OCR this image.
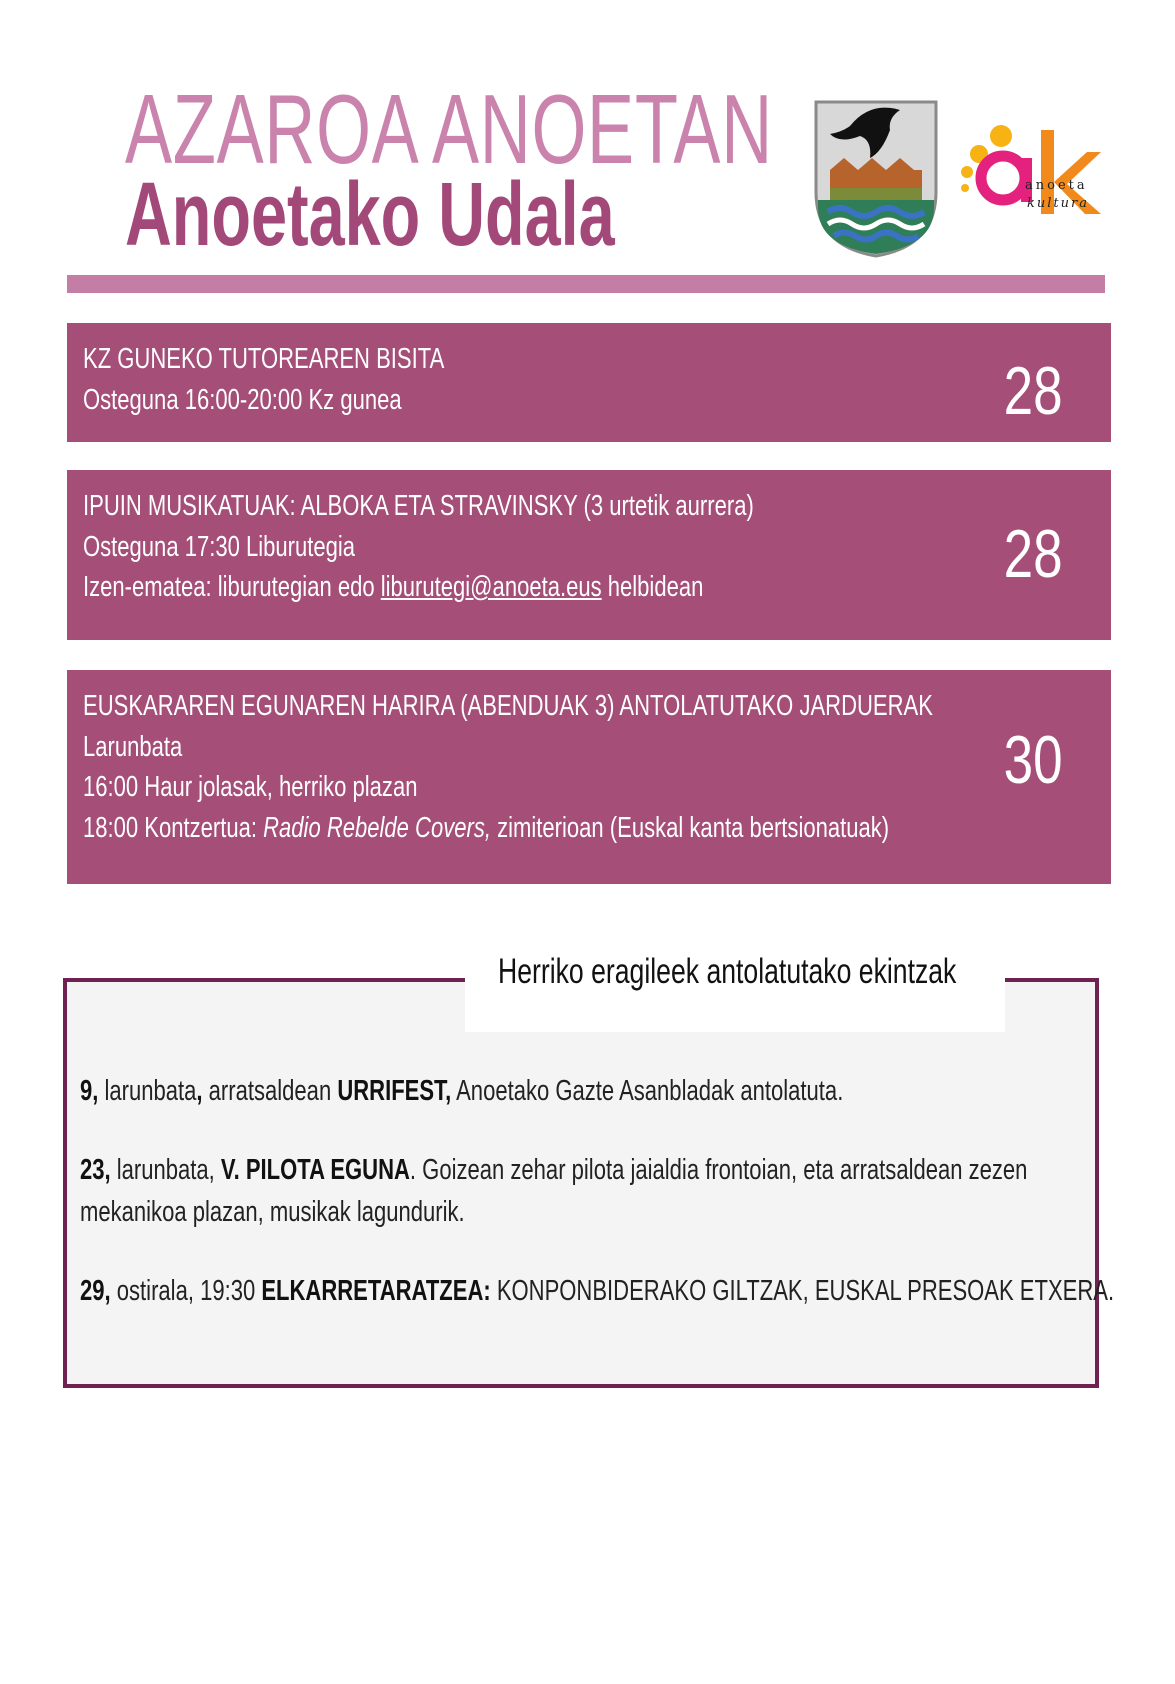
AZAROA ANOETAN
Anoetako Udala	anoeta
kultura
KZ GUNEKO TUTOREAREN BISITA
Osteguna 16:00-20:00 Kz gunea	28
IPUIN MUSIKATUAK: ALBOKA ETA STRAVINSKY (3 urtetik aurrera)
Osteguna 17:30 Liburutegia
Izen-ematea: liburutegian edo liburutegi@anoeta.eus helbidean	28
EUSKARAREN EGUNAREN HARIRA (ABENDUAK 3) ANTOLATUTAKO JARDUERAK
Larunbata
16:00 Haur jolasak, herriko plazan
18:00 Kontzertua: Radio Rebelde Covers, zimiterioan (Euskal kanta bertsionatuak)
30
Herriko eragileek antolatutako ekintzak
9, larunbata, arratsaldean URRIFEST, Anoetako Gazte Asanbladak antolatuta.
23, larunbata, V. PILOTA EGUNA. Goizean zehar pilota jaialdia frontoian, eta arratsaldean zezen
mekanikoa plazan, musikak lagundurik.
29, ostirala, 19:30 ELKARRETARATZEA: KONPONBIDERAKO GILTZAK, EUSKAL PRESOAK ETXERA.
